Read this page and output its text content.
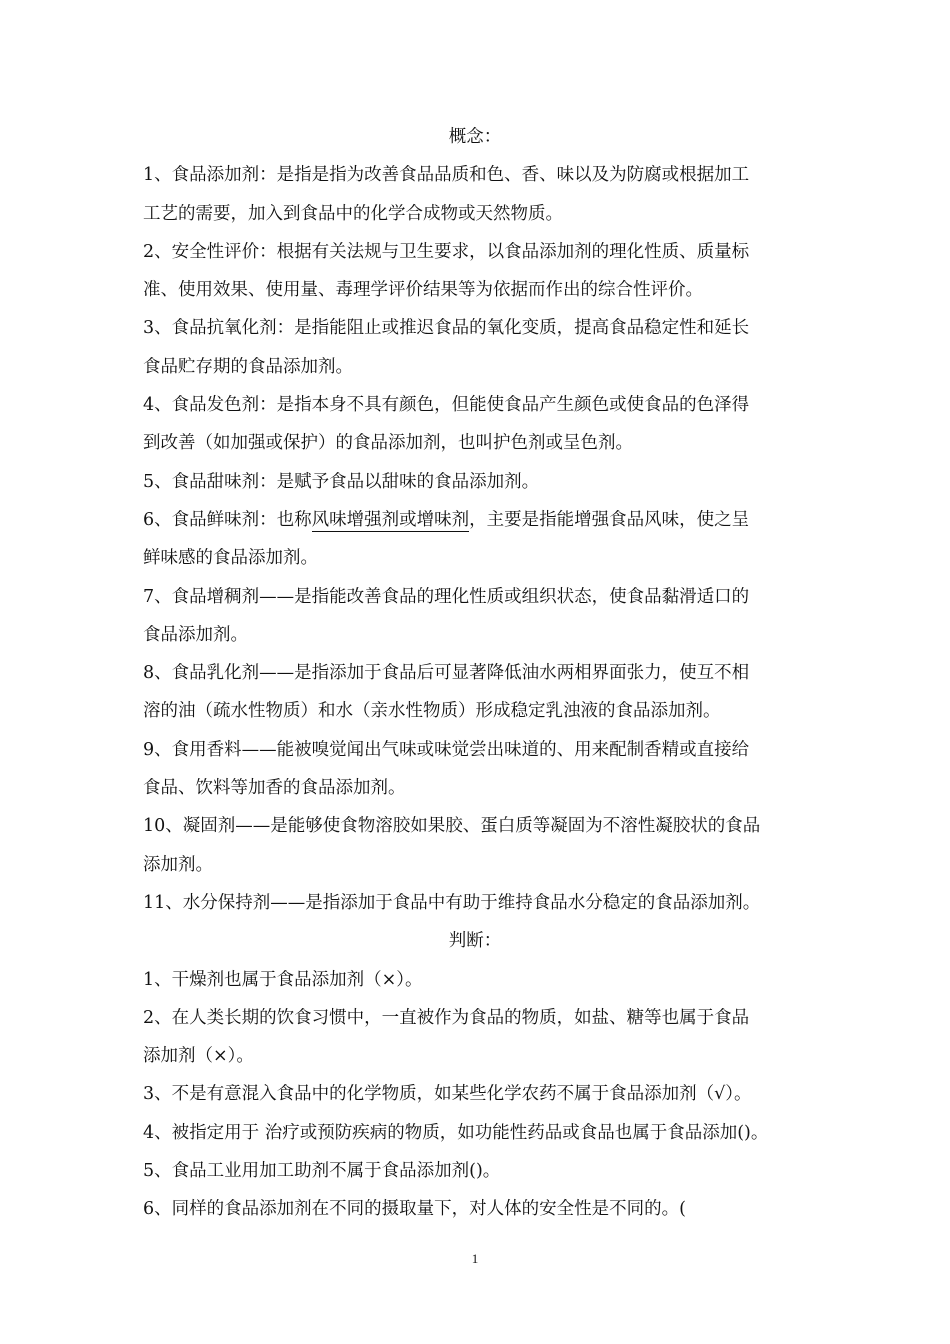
概念：
1、食品添加剂：是指是指为改善食品品质和色、香、味以及为防腐或根据加工
工艺的需要，加入到食品中的化学合成物或天然物质。
2、安全性评价：根据有关法规与卫生要求，以食品添加剂的理化性质、质量标
准、使用效果、使用量、毒理学评价结果等为依据而作出的综合性评价。
3、食品抗氧化剂：是指能阻止或推迟食品的氧化变质，提高食品稳定性和延长
食品贮存期的食品添加剂。
4、食品发色剂：是指本身不具有颜色，但能使食品产生颜色或使食品的色泽得
到改善（如加强或保护）的食品添加剂，也叫护色剂或呈色剂。
5、食品甜味剂：是赋予食品以甜味的食品添加剂。
6、食品鲜味剂：也称风味增强剂或增味剂，主要是指能增强食品风味，使之呈
鲜味感的食品添加剂。
7、食品增稠剂——是指能改善食品的理化性质或组织状态，使食品黏滑适口的
食品添加剂。
8、食品乳化剂——是指添加于食品后可显著降低油水两相界面张力，使互不相
溶的油（疏水性物质）和水（亲水性物质）形成稳定乳浊液的食品添加剂。
9、食用香料——能被嗅觉闻出气味或味觉尝出味道的、用来配制香精或直接给
食品、饮料等加香的食品添加剂。
10、凝固剂——是能够使食物溶胶如果胶、蛋白质等凝固为不溶性凝胶状的食品
添加剂。
11、水分保持剂——是指添加于食品中有助于维持食品水分稳定的食品添加剂。
判断：
1、干燥剂也属于食品添加剂（×）。
2、在人类长期的饮食习惯中，一直被作为食品的物质，如盐、糖等也属于食品
添加剂（×）。
3、不是有意混入食品中的化学物质，如某些化学农药不属于食品添加剂（√）。
4、被指定用于 治疗或预防疾病的物质，如功能性药品或食品也属于食品添加()。
5、食品工业用加工助剂不属于食品添加剂()。
6、同样的食品添加剂在不同的摄取量下，对人体的安全性是不同的。(
1
